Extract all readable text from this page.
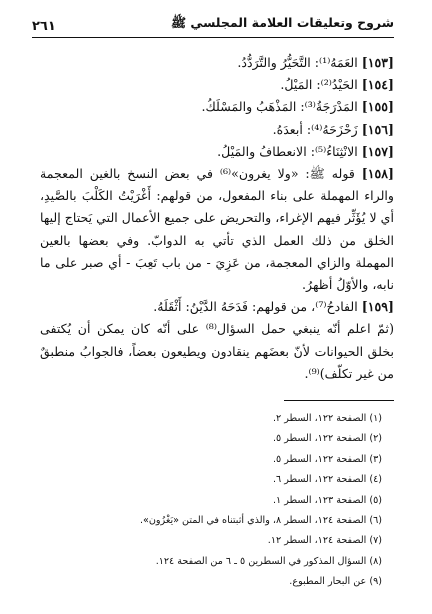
شروح وتعليقات العلامة المجلسي ﷺ
٢٦١
[١٥٣] العَمَهُ⁽¹⁾: التَّحَيُّرُ والتَّرَدُّدُ.
[١٥٤] الحَيْدُ⁽²⁾: المَيْلُ.
[١٥٥] المَدْرَجَةُ⁽³⁾: المَذْهَبُ والمَسْلَكُ.
[١٥٦] زَحْزَحَهُ⁽⁴⁾: أبعدَهُ.
[١٥٧] الانْثِنَاءُ⁽⁵⁾: الانعطافُ والمَيْلُ.

[١٥٨] قوله ﷺ: «ولا يغرون»⁽⁶⁾ في بعض النسخ بالغين المعجمة والراء المهملة على بناء المفعول، من قولهم: أَغْرَيْتُ الكَلْبَ بالصَّيدِ، أي لا يُؤَثِّر فيهم الإغراء، والتحريض على جميع الأعمال التي يَحتاج إليها الخلق من ذلك العمل الذي تأتي به الدوابّ. وفي بعضها بالعين المهملة والزاي المعجمة، من عَزِيَ - من باب تَعِبَ - أي صبر على ما نابه، والأوّلُ أظهرُ.

[١٥٩] الفادحُ⁽⁷⁾، من قولهم: فَدَحَهُ الدَّيْنُ: أَثْقَلَهُ.

(ثمّ اعلم أنّه ينبغي حمل السؤال⁽⁸⁾ على أنّه كان يمكن أن يُكتفى بخلق الحيوانات لأنّ بعضَهم ينقادون ويطيعون بعضاً، فالجوابُ منطبقٌ من غير تكلّف)⁽⁹⁾.

(١) الصفحة ١٢٢، السطر ٢.
(٢) الصفحة ١٢٢، السطر ٥.
(٣) الصفحة ١٢٢، السطر ٥.
(٤) الصفحة ١٢٢، السطر ٦.
(٥) الصفحة ١٢٣، السطر ١.
(٦) الصفحة ١٢٤، السطر ٨، والذي أثبتناه في المتن «يَغْزُون».
(٧) الصفحة ١٢٤، السطر ١٢.
(٨) السؤال المذكور في السطرين ٥ ـ ٦ من الصفحة ١٢٤.
(٩) عن البحار المطبوع.
